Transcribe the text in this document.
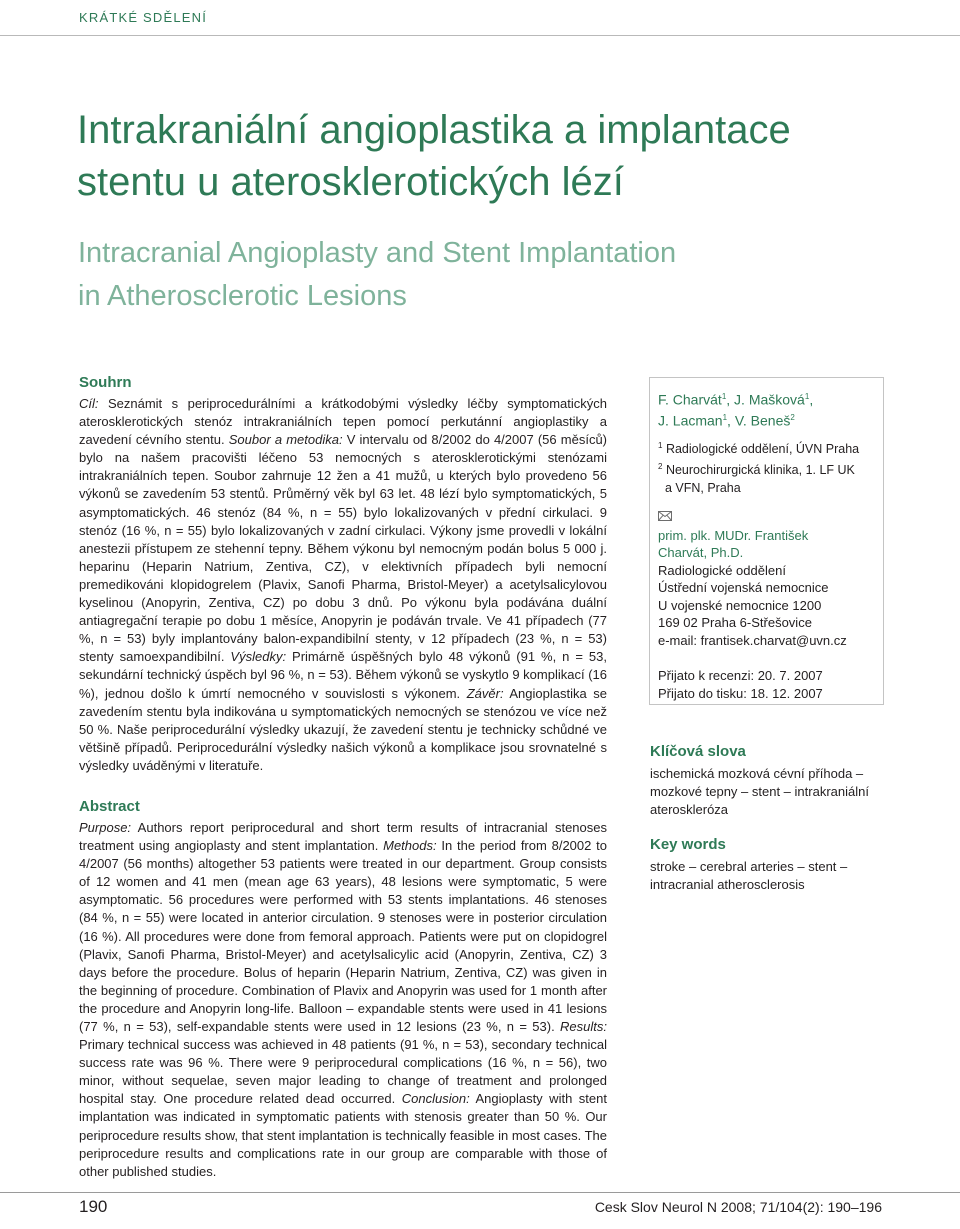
KRÁTKÉ SDĚLENÍ
Intrakraniální angioplastika a implantace
stentu u aterosklerotických lézí
Intracranial Angioplasty and Stent Implantation
in Atherosclerotic Lesions
Souhrn

Cíl: Seznámit s periprocedurálními a krátkodobými výsledky léčby symptomatických aterosklerotických stenóz intrakraniálních tepen pomocí perkutánní angioplastiky a zavedení cévního stentu. Soubor a metodika: V intervalu od 8/2002 do 4/2007 (56 měsíců) bylo na našem pracovišti léčeno 53 nemocných s aterosklerotickými stenózami intrakraniálních tepen. Soubor zahrnuje 12 žen a 41 mužů, u kterých bylo provedeno 56 výkonů se zavedením 53 stentů. Průměrný věk byl 63 let. 48 lézí bylo symptomatických, 5 asymptomatických. 46 stenóz (84 %, n = 55) bylo lokalizovaných v přední cirkulaci. 9 stenóz (16 %, n = 55) bylo lokalizovaných v zadní cirkulaci. Výkony jsme provedli v lokální anestezii přístupem ze stehenní tepny. Během výkonu byl nemocným podán bolus 5 000 j. heparinu (Heparin Natrium, Zentiva, CZ), v elektivních případech byli nemocní premedikováni klopidogrelem (Plavix, Sanofi Pharma, Bristol-Meyer) a acetylsalicylovou kyselinou (Anopyrin, Zentiva, CZ) po dobu 3 dnů. Po výkonu byla podávána duální antiagregační terapie po dobu 1 měsíce, Anopyrin je podáván trvale. Ve 41 případech (77 %, n = 53) byly implantovány balon-expandibilní stenty, v 12 případech (23 %, n = 53) stenty samoexpandibilní. Výsledky: Primárně úspěšných bylo 48 výkonů (91 %, n = 53, sekundární technický úspěch byl 96 %, n = 53). Během výkonů se vyskytlo 9 komplikací (16 %), jednou došlo k úmrtí nemocného v souvislosti s výkonem. Závěr: Angioplastika se zavedením stentu byla indikována u symptomatických nemocných se stenózou ve více než 50 %. Naše periprocedurální výsledky ukazují, že zavedení stentu je technicky schůdné ve většině případů. Periprocedurální výsledky našich výkonů a komplikace jsou srovnatelné s výsledky uváděnými v literatuře.

Abstract

Purpose: Authors report periprocedural and short term results of intracranial stenoses treatment using angioplasty and stent implantation. Methods: In the period from 8/2002 to 4/2007 (56 months) altogether 53 patients were treated in our department. Group consists of 12 women and 41 men (mean age 63 years), 48 lesions were symptomatic, 5 were asymptomatic. 56 procedures were performed with 53 stents implantations. 46 stenoses (84 %, n = 55) were located in anterior circulation. 9 stenoses were in posterior circulation (16 %). All procedures were done from femoral approach. Patients were put on clopidogrel (Plavix, Sanofi Pharma, Bristol-Meyer) and acetylsalicylic acid (Anopyrin, Zentiva, CZ) 3 days before the procedure. Bolus of heparin (Heparin Natrium, Zentiva, CZ) was given in the beginning of procedure. Combination of Plavix and Anopyrin was used for 1 month after the procedure and Anopyrin long-life. Balloon – expandable stents were used in 41 lesions (77 %, n = 53), self-expandable stents were used in 12 lesions (23 %, n = 53). Results: Primary technical success was achieved in 48 patients (91 %, n = 53), secondary technical success rate was 96 %. There were 9 periprocedural complications (16 %, n = 56), two minor, without sequelae, seven major leading to change of treatment and prolonged hospital stay. One procedure related dead occurred. Conclusion: Angioplasty with stent implantation was indicated in symptomatic patients with stenosis greater than 50 %. Our periprocedure results show, that stent implantation is technically feasible in most cases. The periprocedure results and complications rate in our group are comparable with those of other published studies.

F. Charvát$^1$, J. Mašková$^1$,
J. Lacman$^1$, V. Beneš$^2$

$^1$ Radiologické oddělení, ÚVN Praha

$^2$ Neurochirurgická klinika, 1. LF UK
a VFN, Praha

prim. plk. MUDr. František
Charvát, Ph.D.
Radiologické oddělení
Ústřední vojenská nemocnice
U vojenské nemocnice 1200
169 02 Praha 6-Střešovice
e-mail: frantisek.charvat@uvn.cz

Přijato k recenzi: 20. 7. 2007
Přijato do tisku: 18. 12. 2007

Klíčová slova

ischemická mozková cévní příhoda – mozkové tepny – stent – intrakraniální ateroskleróza

Key words

stroke – cerebral arteries – stent – intracranial atherosclerosis

190	Cesk Slov Neurol N 2008; 71/104(2): 190–196
